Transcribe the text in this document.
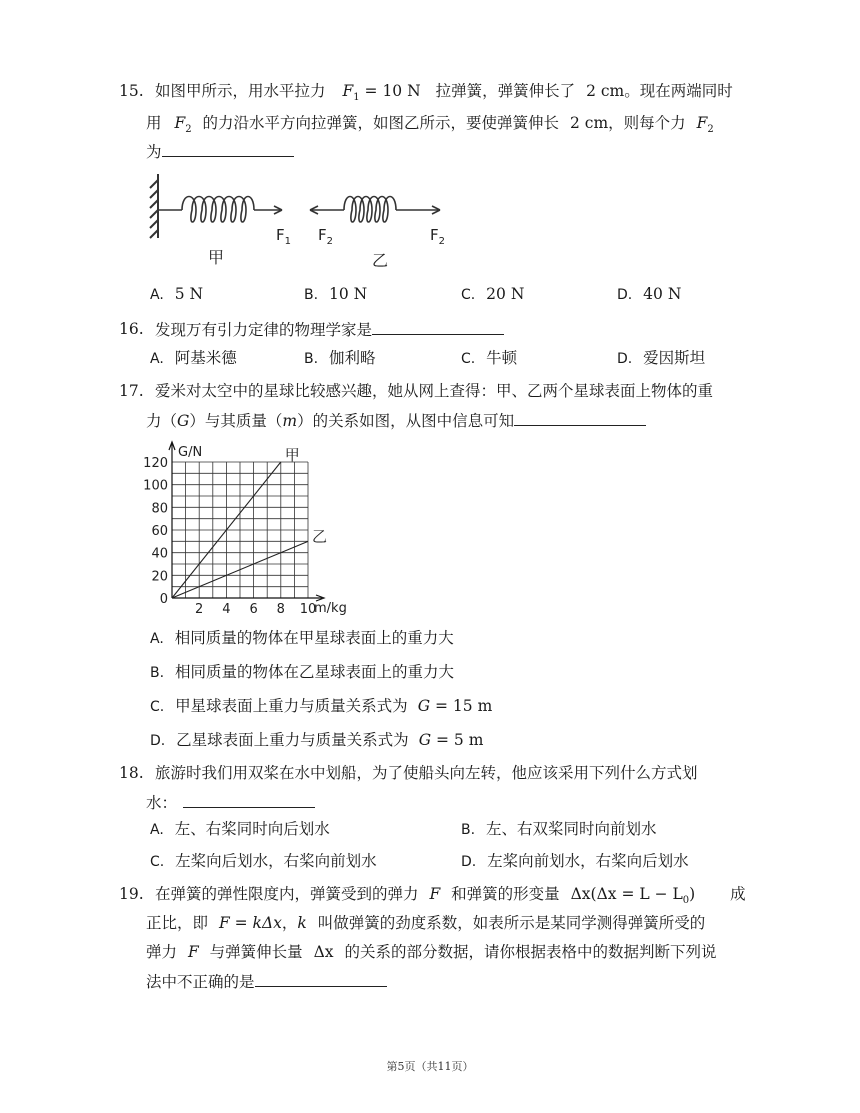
15. 如图甲所示，用水平拉力 $F_1 = 10$ N 拉弹簧，弹簧伸长了 2 cm。现在两端同时
用 $F_2$ 的力沿水平方向拉弹簧，如图乙所示，要使弹簧伸长 2 cm，则每个力 $F_2$
为
$F_1$
甲
$F_2$	$F_2$
乙
A. 5 N	B. 10 N	C. 20 N	D. 40 N
16. 发现万有引力定律的物理学家是
A. 阿基米德	B. 伽利略	C. 牛顿	D. 爱因斯坦
17. 爱米对太空中的星球比较感兴趣，她从网上查得：甲、乙两个星球表面上物体的重
力（G）与其质量（m）的关系如图，从图中信息可知
0
20
40
60
80
100
120
2 4 6 8 10
甲
乙
G/N
m/kg
A. 相同质量的物体在甲星球表面上的重力大
B. 相同质量的物体在乙星球表面上的重力大
C. 甲星球表面上重力与质量关系式为 G = 15 m
D. 乙星球表面上重力与质量关系式为 G = 5 m
18. 旅游时我们用双桨在水中划船，为了使船头向左转，他应该采用下列什么方式划
水：
A. 左、右桨同时向后划水	B. 左、右双桨同时向前划水
C. 左桨向后划水，右桨向前划水	D. 左桨向前划水，右桨向后划水
19. 在弹簧的弹性限度内，弹簧受到的弹力 F 和弹簧的形变量 $\Delta x(\Delta x = L - L_0)$ 成
正比，即 F = kΔx，k 叫做弹簧的劲度系数，如表所示是某同学测得弹簧所受的
弹力 F 与弹簧伸长量 Δx 的关系的部分数据，请你根据表格中的数据判断下列说
法中不正确的是
第5页（共11页）
